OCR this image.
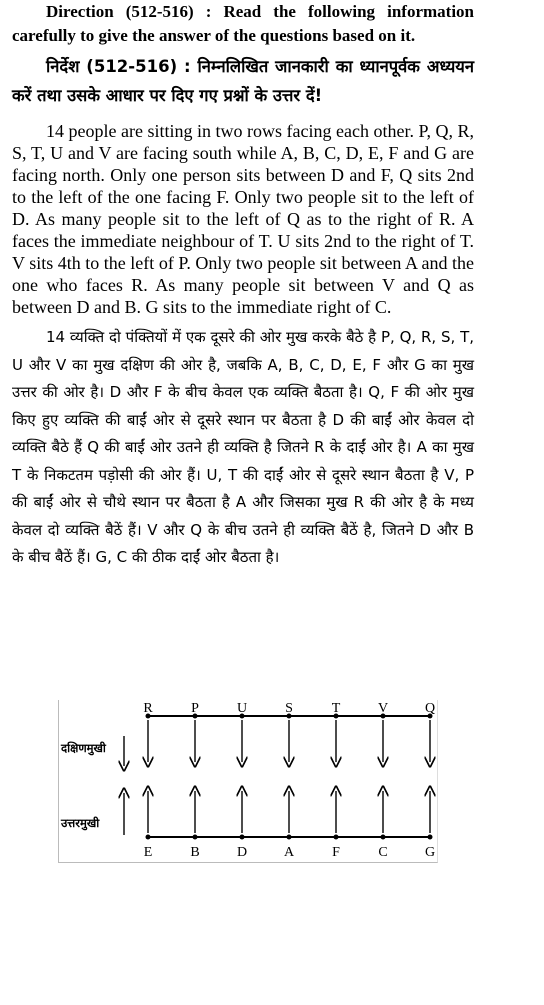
Direction (512-516) : Read the following information carefully to give the answer of the questions based on it.

निर्देश (512-516) : निम्नलिखित जानकारी का ध्यानपूर्वक अध्ययन करें तथा उसके आधार पर दिए गए प्रश्नों के उत्तर दें!

14 people are sitting in two rows facing each other. P, Q, R, S, T, U and V are facing south while A, B, C, D, E, F and G are facing north. Only one person sits between D and F, Q sits 2nd to the left of the one facing F. Only two people sit to the left of D. As many people sit to the left of Q as to the right of R. A faces the immediate neighbour of T. U sits 2nd to the right of T. V sits 4th to the left of P. Only two people sit between A and the one who faces R. As many people sit between V and Q as between D and B. G sits to the immediate right of C.

14 व्यक्ति दो पंक्तियों में एक दूसरे की ओर मुख करके बैठे है P, Q, R, S, T, U और V का मुख दक्षिण की ओर है, जबकि A, B, C, D, E, F और G का मुख उत्तर की ओर है। D और F के बीच केवल एक व्यक्ति बैठता है। Q, F की ओर मुख किए हुए व्यक्ति की बाईं ओर से दूसरे स्थान पर बैठता है D की बाईं ओर केवल दो व्यक्ति बैठे हैं Q की बाईं ओर उतने ही व्यक्ति है जितने R के दाईं ओर है। A का मुख T के निकटतम पड़ोसी की ओर हैं। U, T की दाईं ओर से दूसरे स्थान बैठता है V, P की बाईं ओर से चौथे स्थान पर बैठता है A और जिसका मुख R की ओर है के मध्य केवल दो व्यक्ति बैठें हैं। V और Q के बीच उतने ही व्यक्ति बैठें है, जितने D और B के बीच बैठें हैं। G, C की ठीक दाईं ओर बैठता है।

R	P	U	S	T	V	Q
E	B	D	A	F	C	G
दक्षिणमुखी
उत्तरमुखी
